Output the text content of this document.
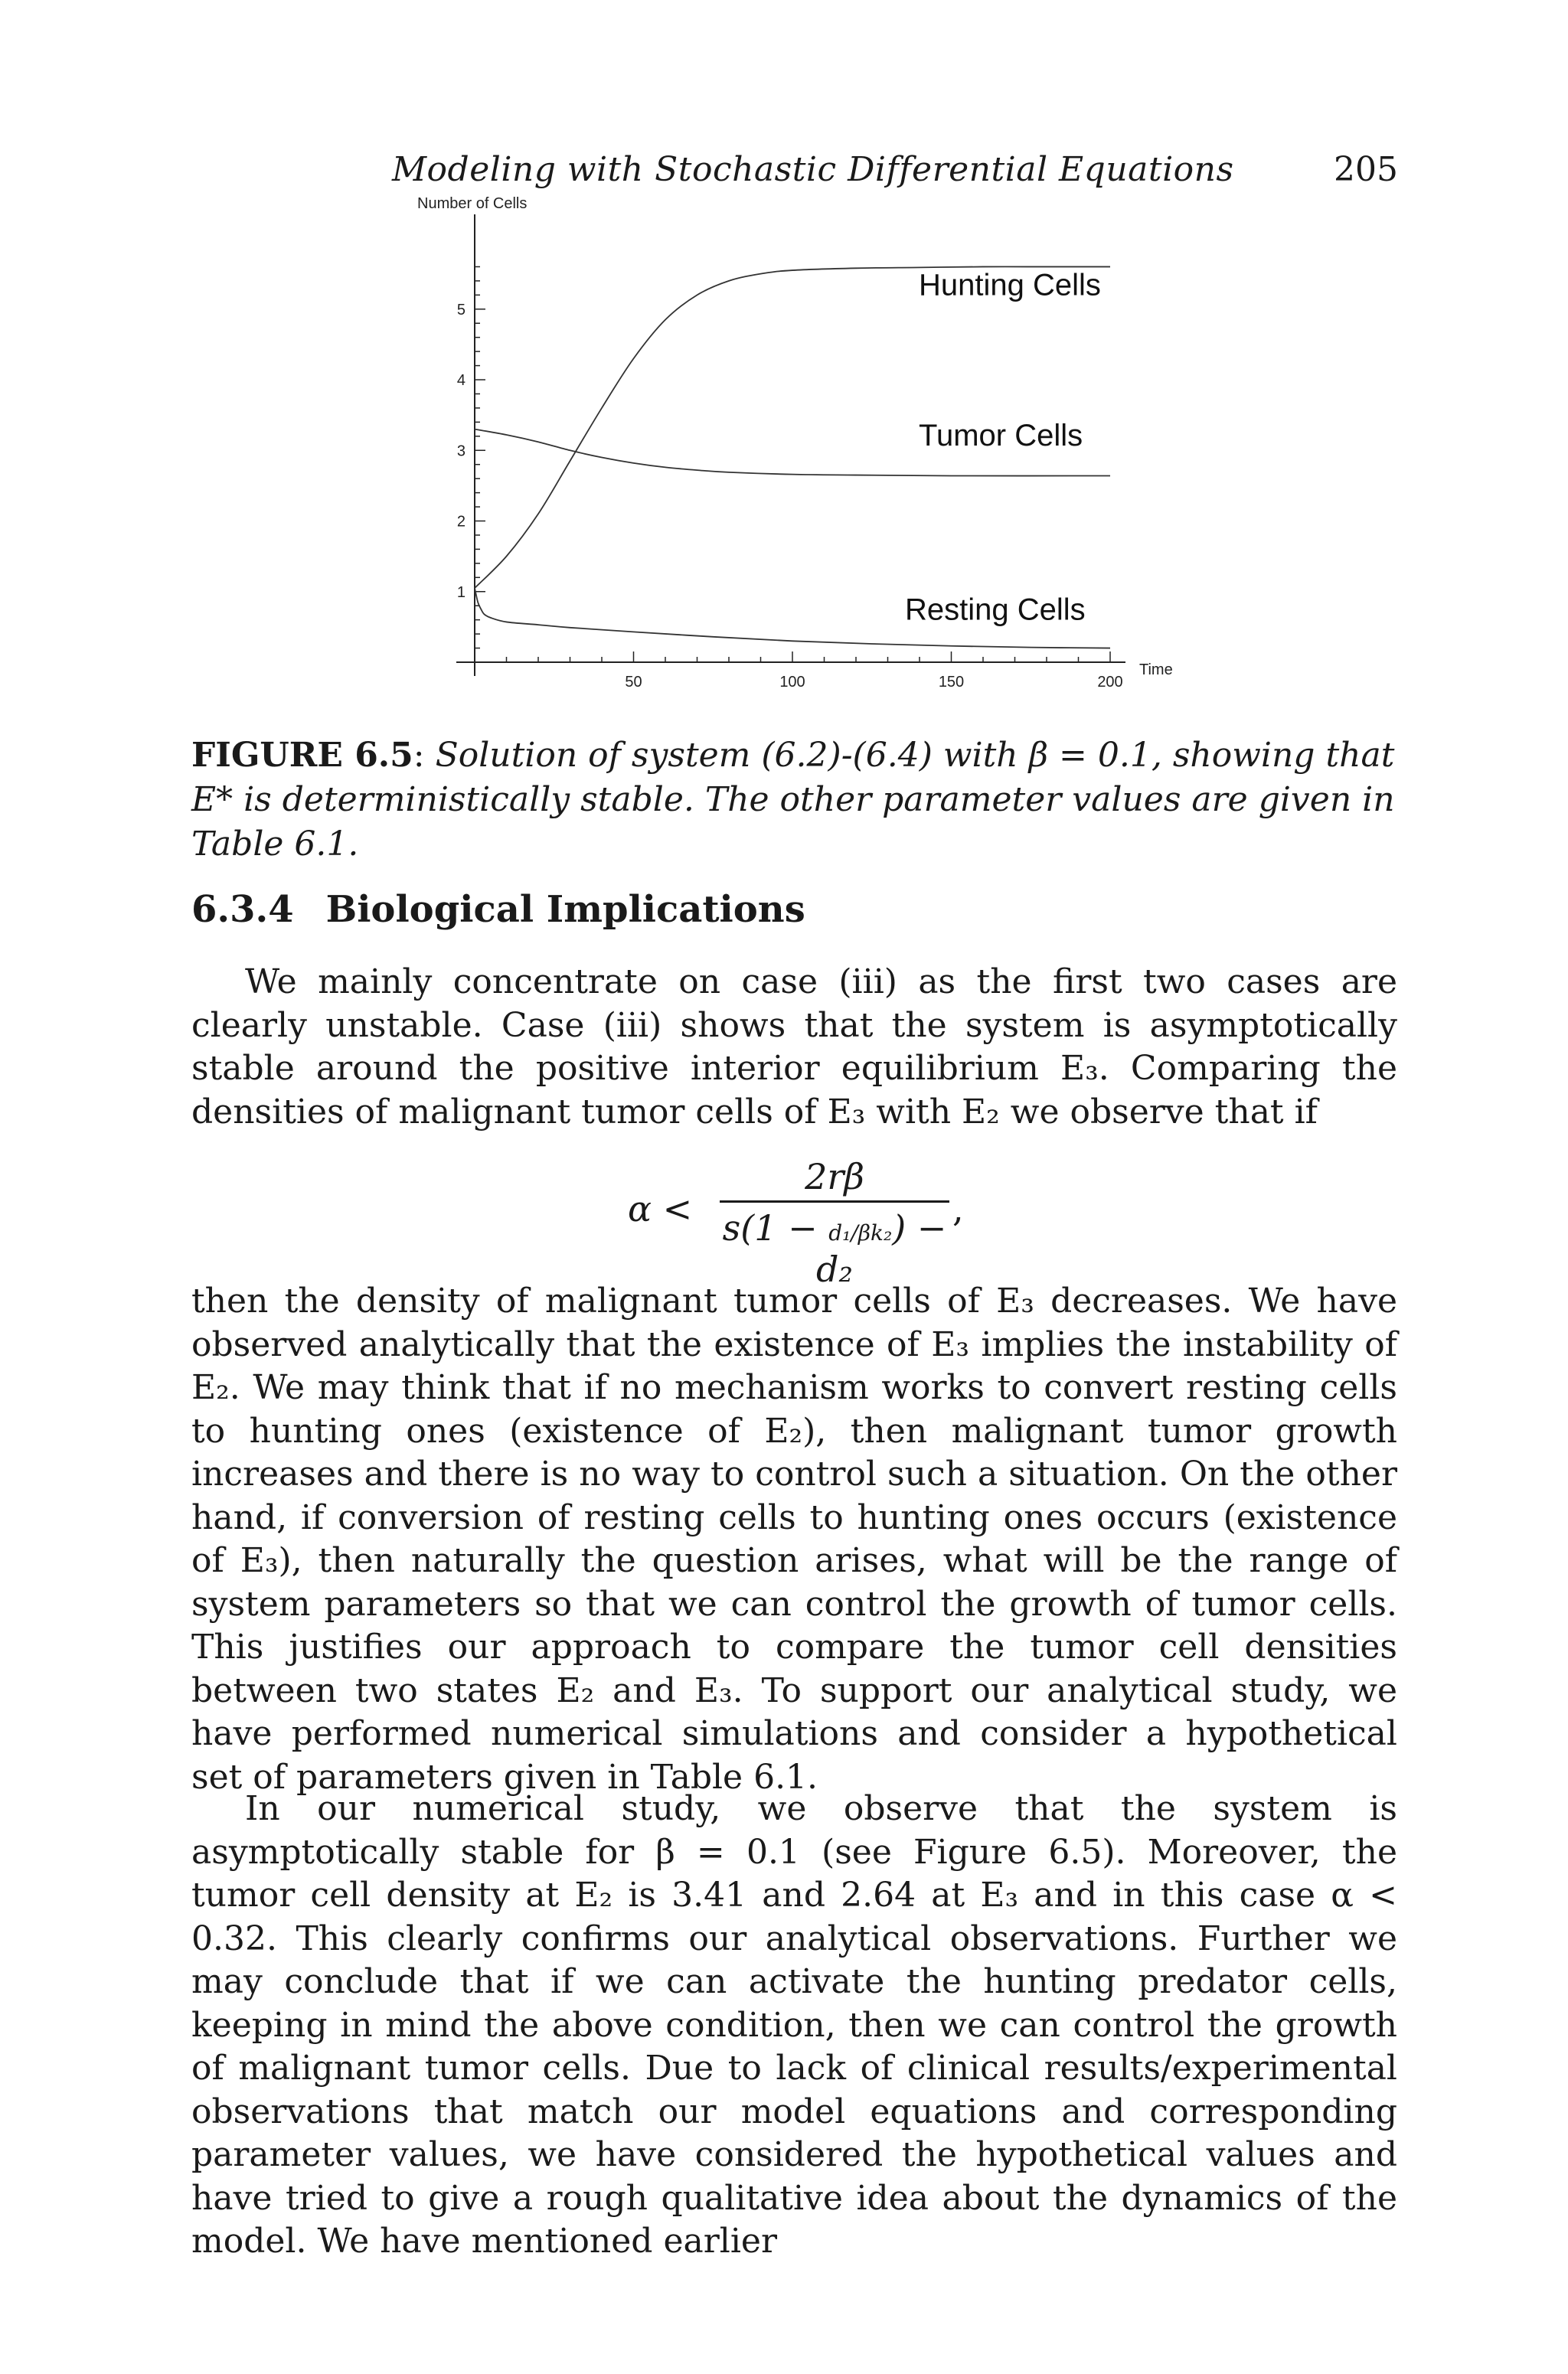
Modeling with Stochastic Differential Equations	205
1
2
3
4
5
50	100	150	200
Number of Cells
Time
Hunting Cells
Tumor Cells
Resting Cells
FIGURE 6.5: Solution of system (6.2)-(6.4) with β = 0.1, showing that E* is deterministically stable. The other parameter values are given in Table 6.1.
6.3.4 Biological Implications
We mainly concentrate on case (iii) as the first two cases are clearly unstable. Case (iii) shows that the system is asymptotically stable around the positive interior equilibrium E₃. Comparing the densities of malignant tumor cells of E₃ with E₂ we observe that if
α <
2rβ
s(1 − d₁/βk₂) − d₂
,
then the density of malignant tumor cells of E₃ decreases. We have observed analytically that the existence of E₃ implies the instability of E₂. We may think that if no mechanism works to convert resting cells to hunting ones (existence of E₂), then malignant tumor growth increases and there is no way to control such a situation. On the other hand, if conversion of resting cells to hunting ones occurs (existence of E₃), then naturally the question arises, what will be the range of system parameters so that we can control the growth of tumor cells. This justifies our approach to compare the tumor cell densities between two states E₂ and E₃. To support our analytical study, we have performed numerical simulations and consider a hypothetical set of parameters given in Table 6.1.
In our numerical study, we observe that the system is asymptotically stable for β = 0.1 (see Figure 6.5). Moreover, the tumor cell density at E₂ is 3.41 and 2.64 at E₃ and in this case α < 0.32. This clearly confirms our analytical observations. Further we may conclude that if we can activate the hunting predator cells, keeping in mind the above condition, then we can control the growth of malignant tumor cells. Due to lack of clinical results/experimental observations that match our model equations and corresponding parameter values, we have considered the hypothetical values and have tried to give a rough qualitative idea about the dynamics of the model. We have mentioned earlier
